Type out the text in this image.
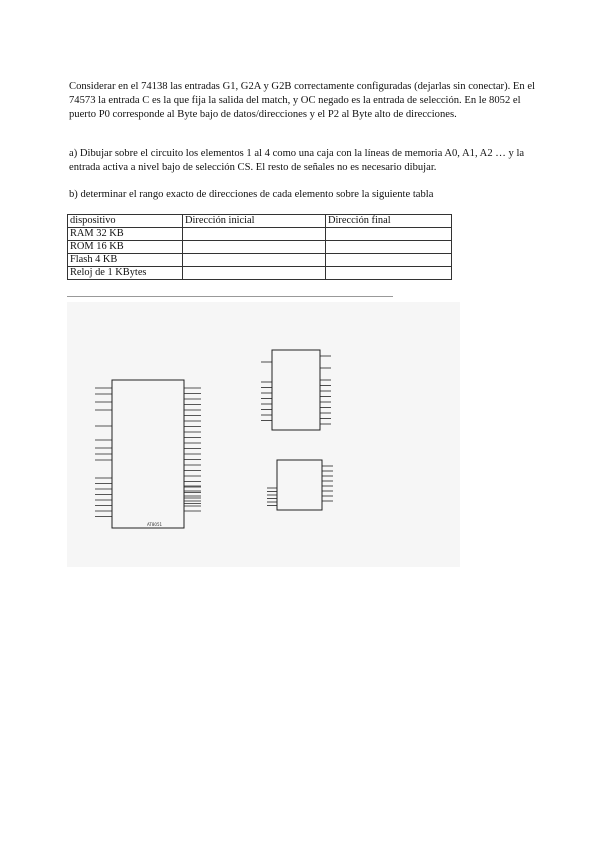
Considerar en el 74138 las entradas G1, G2A y G2B correctamente configuradas (dejarlas sin conectar). En el 74573 la entrada C es la que fija la salida del match, y OC negado es la entrada de selección. En le 8052 el puerto P0 corresponde al Byte bajo de datos/direcciones y el P2 al Byte alto de direcciones.

a) Dibujar sobre el circuito los elementos 1 al 4 como una caja con la líneas de memoria A0, A1, A2 … y la entrada activa a nivel bajo de selección CS. El resto de señales no es necesario dibujar.

b) determinar el rango exacto de direcciones de cada elemento sobre la siguiente tabla

dispositivo	Dirección inicial	Dirección final
RAM 32 KB		
ROM 16 KB		
Flash 4 KB		
Reloj de 1 KBytes		
AT8051
